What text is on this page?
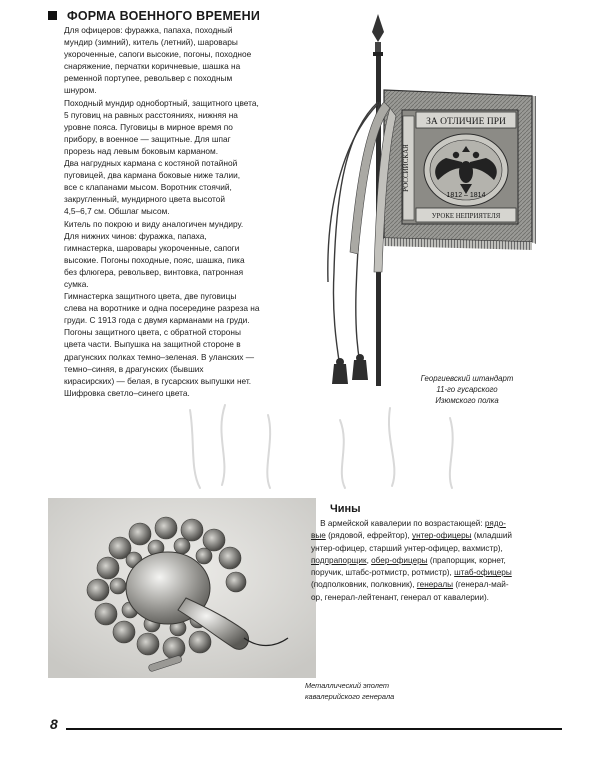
ФОРМА ВОЕННОГО ВРЕМЕНИ

Для офицеров: фуражка, папаха, походный

мундир (зимний), китель (летний), шаровары

укороченные, сапоги высокие, погоны, походное

снаряжение, перчатки коричневые, шашка на

ременной портупее, револьвер с походным

шнуром.

Походный мундир однобортный, защитного цвета,

5 пуговиц на равных расстояниях, нижняя на

уровне пояса. Пуговицы в мирное время по

прибору, в военное — защитные. Для шпаг

прорезь над левым боковым карманом.

Два нагрудных кармана с костяной потайной

пуговицей, два кармана боковые ниже талии,

все с клапанами мысом. Воротник стоячий,

закругленный, мундирного цвета высотой

4,5–6,7 см. Обшлаг мысом.

Китель по покрою и виду аналогичен мундиру.

Для нижних чинов: фуражка, папаха,

гимнастерка, шаровары укороченные, сапоги

высокие. Погоны походные, пояс, шашка, пика

без флюгера, револьвер, винтовка, патронная

сумка.

Гимнастерка защитного цвета, две пуговицы

слева на воротнике и одна посередине разреза на

груди. С 1913 года с двумя карманами на груди.

Погоны защитного цвета, с обратной стороны

цвета части. Выпушка на защитной стороне в

драгунских полках темно–зеленая. В уланских —

темно–синяя, в драгунских (бывших

кирасирских) — белая, в гусарских выпушки нет.

Шифровка светло–синего цвета.

ЗА ОТЛИЧИЕ ПРИ
РОССИЙСКАЯ
1812 – 1814
УРОКЕ НЕПРИЯТЕЛЯ
Георгиевский штандарт
11-го гусарского
Изюмского полка
Металлический эполет
кавалерийского генерала
Чины
В армейской кавалерии по возрастающей: рядо-
вые (рядовой, ефрейтор), унтер-офицеры (младший
унтер-офицер, старший унтер-офицер, вахмистр),
подпрапорщик, обер-офицеры (прапорщик, корнет,
поручик, штабс-ротмистр, ротмистр), штаб-офицеры
(подполковник, полковник), генералы (генерал-май-
ор, генерал-лейтенант, генерал от кавалерии).
8
